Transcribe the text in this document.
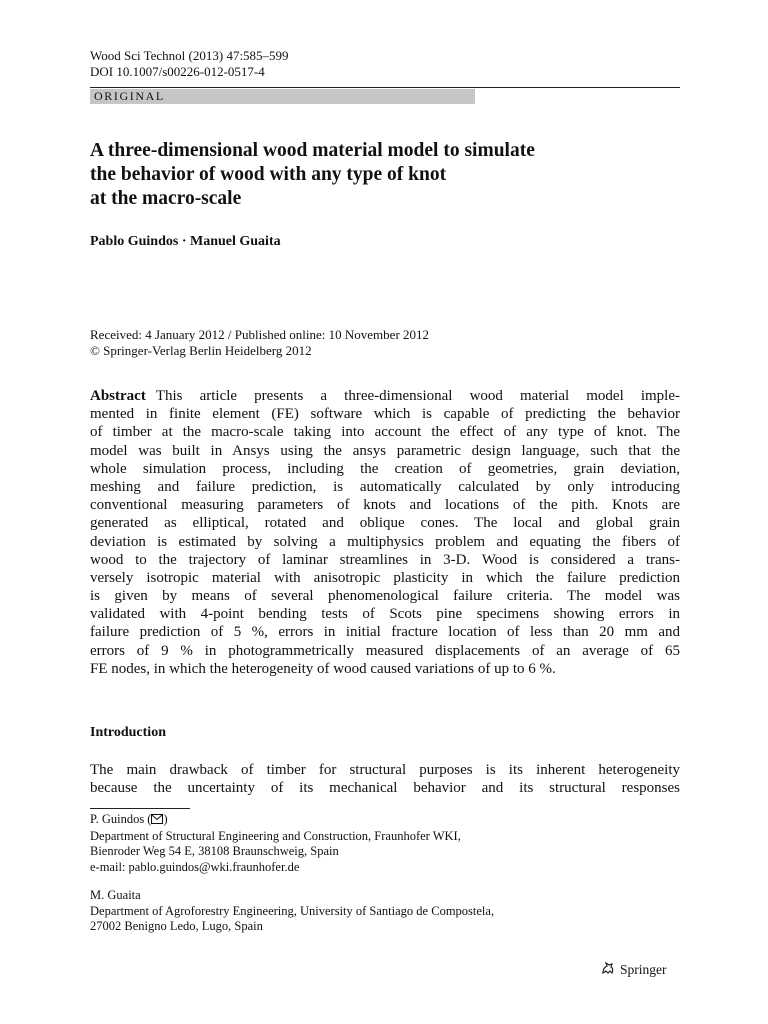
Wood Sci Technol (2013) 47:585–599
DOI 10.1007/s00226-012-0517-4
ORIGINAL
A three-dimensional wood material model to simulate
the behavior of wood with any type of knot
at the macro-scale
Pablo Guindos · Manuel Guaita
Received: 4 January 2012 / Published online: 10 November 2012
© Springer-Verlag Berlin Heidelberg 2012
Abstract This article presents a three-dimensional wood material model imple-
mented in finite element (FE) software which is capable of predicting the behavior
of timber at the macro-scale taking into account the effect of any type of knot. The
model was built in Ansys using the ansys parametric design language, such that the
whole simulation process, including the creation of geometries, grain deviation,
meshing and failure prediction, is automatically calculated by only introducing
conventional measuring parameters of knots and locations of the pith. Knots are
generated as elliptical, rotated and oblique cones. The local and global grain
deviation is estimated by solving a multiphysics problem and equating the fibers of
wood to the trajectory of laminar streamlines in 3-D. Wood is considered a trans-
versely isotropic material with anisotropic plasticity in which the failure prediction
is given by means of several phenomenological failure criteria. The model was
validated with 4-point bending tests of Scots pine specimens showing errors in
failure prediction of 5 %, errors in initial fracture location of less than 20 mm and
errors of 9 % in photogrammetrically measured displacements of an average of 65
FE nodes, in which the heterogeneity of wood caused variations of up to 6 %.
Introduction
The main drawback of timber for structural purposes is its inherent heterogeneity
because the uncertainty of its mechanical behavior and its structural responses
P. Guindos ( )
Department of Structural Engineering and Construction, Fraunhofer WKI,
Bienroder Weg 54 E, 38108 Braunschweig, Spain
e-mail: pablo.guindos@wki.fraunhofer.de
M. Guaita
Department of Agroforestry Engineering, University of Santiago de Compostela,
27002 Benigno Ledo, Lugo, Spain
Springer
